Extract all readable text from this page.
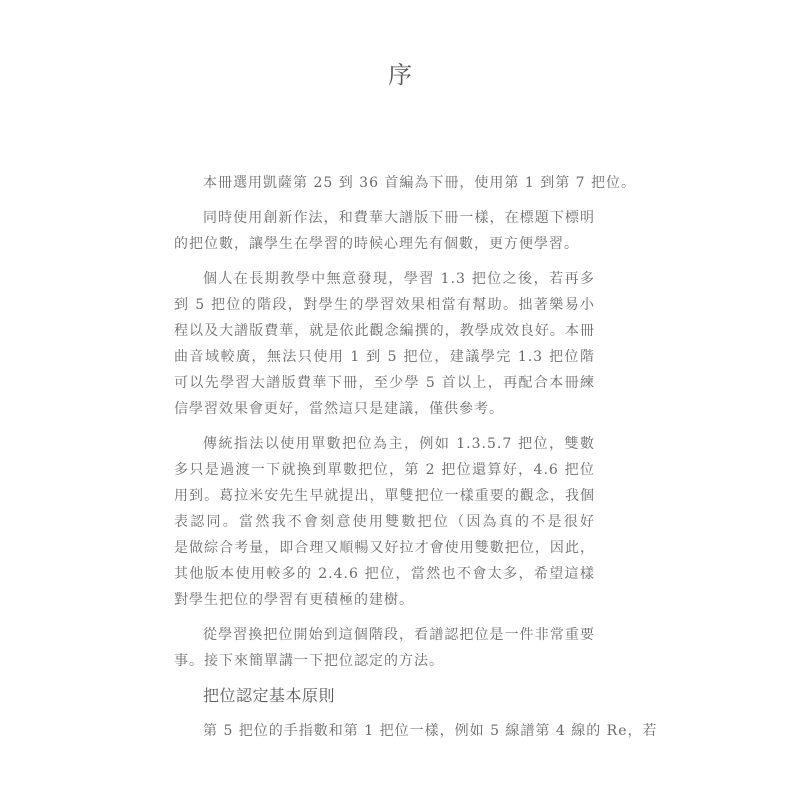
序
本冊選用凱薩第 25 到 36 首編為下冊，使用第 1 到第 7 把位。
同時使用創新作法，和費華大譜版下冊一樣，在標題下標明
的把位數，讓學生在學習的時候心理先有個數，更方便學習。
個人在長期教學中無意發現，學習 1.3 把位之後，若再多
到 5 把位的階段，對學生的學習效果相當有幫助。拙著樂易小
程以及大譜版費華，就是依此觀念編撰的，教學成效良好。本冊
曲音域較廣，無法只使用 1 到 5 把位，建議學完 1.3 把位階
可以先學習大譜版費華下冊，至少學 5 首以上，再配合本冊練
信學習效果會更好，當然這只是建議，僅供參考。
傳統指法以使用單數把位為主，例如 1.3.5.7 把位，雙數
多只是過渡一下就換到單數把位，第 2 把位還算好，4.6 把位
用到。葛拉米安先生早就提出，單雙把位一樣重要的觀念，我個
表認同。當然我不會刻意使用雙數把位（因為真的不是很好
是做綜合考量，即合理又順暢又好拉才會使用雙數把位，因此，
其他版本使用較多的 2.4.6 把位，當然也不會太多，希望這樣
對學生把位的學習有更積極的建樹。
從學習換把位開始到這個階段，看譜認把位是一件非常重要
事。接下來簡單講一下把位認定的方法。
第 5 把位的手指數和第 1 把位一樣，例如 5 線譜第 4 線的 Re，若
把位認定基本原則
